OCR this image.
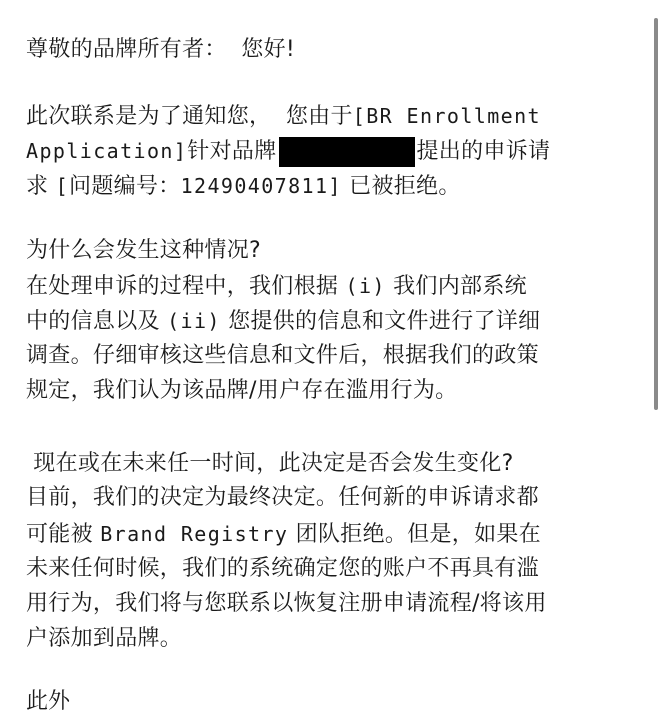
尊敬的品牌所有者：  您好!
此次联系是为了通知您，  您由于[BR Enrollment
Application]针对品牌	提出的申诉请
求 [问题编号：12490407811] 已被拒绝。
为什么会发生这种情况?
在处理申诉的过程中，我们根据 (i) 我们内部系统
中的信息以及 (ii) 您提供的信息和文件进行了详细
调查。仔细审核这些信息和文件后，根据我们的政策
规定，我们认为该品牌/用户存在滥用行为。
现在或在未来任一时间，此决定是否会发生变化?
目前，我们的决定为最终决定。任何新的申诉请求都
可能被 Brand Registry 团队拒绝。但是，如果在
未来任何时候，我们的系统确定您的账户不再具有滥
用行为，我们将与您联系以恢复注册申请流程/将该用
户添加到品牌。
此外
